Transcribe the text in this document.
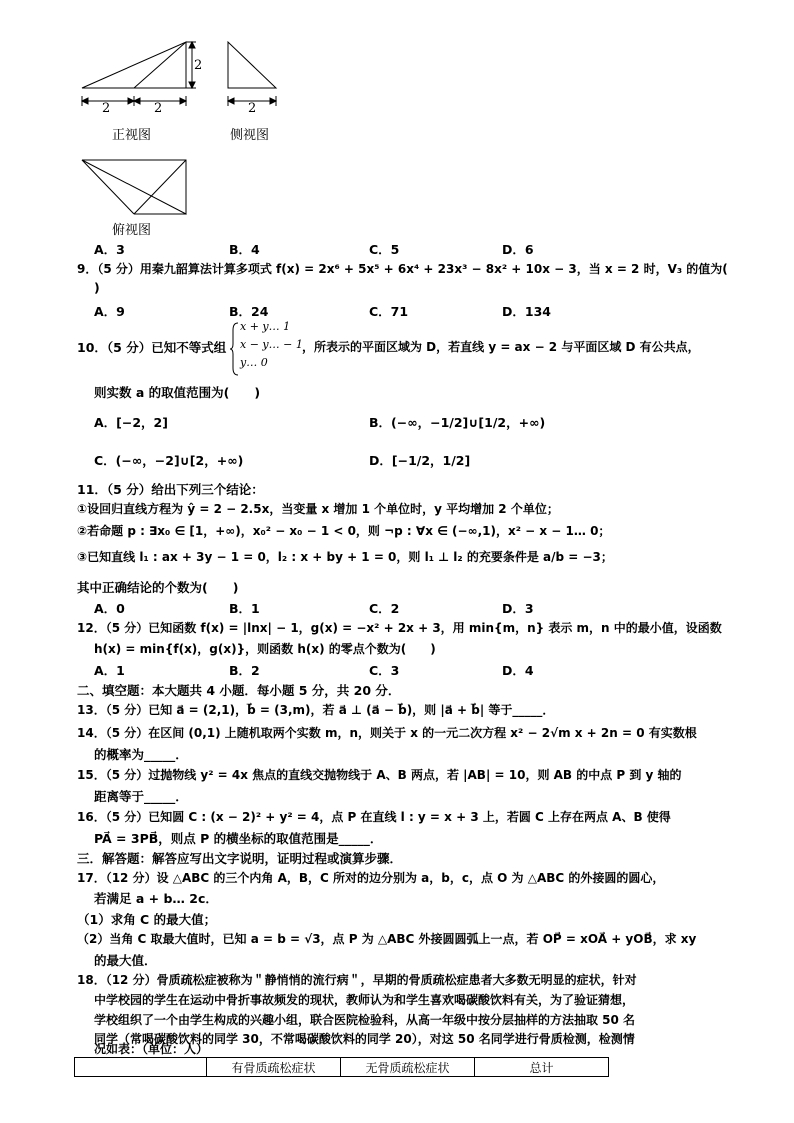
2	2
2
2
正视图	侧视图
俯视图
A．3	B．4	C．5	D．6
9．（5 分）用秦九韶算法计算多项式 f(x) = 2x⁶ + 5x⁵ + 6x⁴ + 23x³ − 8x² + 10x − 3，当 x = 2 时，V₃ 的值为(
)
A．9	B．24	C．71	D．134
10．（5 分）已知不等式组
x + y… 1
x − y… − 1
y… 0
，所表示的平面区域为 D，若直线 y = ax − 2 与平面区域 D 有公共点，
则实数 a 的取值范围为(　　)
A．[−2，2]	B．(−∞，−1/2]∪[1/2，+∞)
C．(−∞，−2]∪[2，+∞)	D．[−1/2，1/2]
11．（5 分）给出下列三个结论：
①设回归直线方程为 ŷ = 2 − 2.5x，当变量 x 增加 1 个单位时，y 平均增加 2 个单位；
②若命题 p : ∃x₀ ∈ [1，+∞)，x₀² − x₀ − 1 < 0，则 ¬p : ∀x ∈ (−∞,1)，x² − x − 1… 0；
③已知直线 l₁ : ax + 3y − 1 = 0，l₂ : x + by + 1 = 0，则 l₁ ⊥ l₂ 的充要条件是 a/b = −3；
其中正确结论的个数为(　　)
A．0	B．1	C．2	D．3
12．（5 分）已知函数 f(x) = |lnx| − 1，g(x) = −x² + 2x + 3，用 min{m，n} 表示 m，n 中的最小值，设函数
h(x) = min{f(x)，g(x)}，则函数 h(x) 的零点个数为(　　)
A．1	B．2	C．3	D．4
二、填空题：本大题共 4 小题．每小题 5 分，共 20 分．
13．（5 分）已知 a⃗ = (2,1)，b⃗ = (3,m)，若 a⃗ ⊥ (a⃗ − b⃗)，则 |a⃗ + b⃗| 等于_____．
14．（5 分）在区间 (0,1) 上随机取两个实数 m，n，则关于 x 的一元二次方程 x² − 2√m x + 2n = 0 有实数根
的概率为_____．
15．（5 分）过抛物线 y² = 4x 焦点的直线交抛物线于 A、B 两点，若 |AB| = 10，则 AB 的中点 P 到 y 轴的
距离等于_____．
16．（5 分）已知圆 C : (x − 2)² + y² = 4，点 P 在直线 l : y = x + 3 上，若圆 C 上存在两点 A、B 使得
PA⃗ = 3PB⃗，则点 P 的横坐标的取值范围是_____．
三．解答题：解答应写出文字说明，证明过程或演算步骤．
17．（12 分）设 △ABC 的三个内角 A，B，C 所对的边分别为 a，b，c，点 O 为 △ABC 的外接圆的圆心，
若满足 a + b… 2c．
（1）求角 C 的最大值；
（2）当角 C 取最大值时，已知 a = b = √3，点 P 为 △ABC 外接圆圆弧上一点，若 OP⃗ = xOA⃗ + yOB⃗，求 xy
的最大值．
18．（12 分）骨质疏松症被称为＂静悄悄的流行病＂，早期的骨质疏松症患者大多数无明显的症状，针对
中学校园的学生在运动中骨折事故频发的现状，教师认为和学生喜欢喝碳酸饮料有关，为了验证猜想，
学校组织了一个由学生构成的兴趣小组，联合医院检验科，从高一年级中按分层抽样的方法抽取 50 名
同学（常喝碳酸饮料的同学 30，不常喝碳酸饮料的同学 20），对这 50 名同学进行骨质检测，检测情
况如表：（单位：人）
	有骨质疏松症状	无骨质疏松症状	总计
